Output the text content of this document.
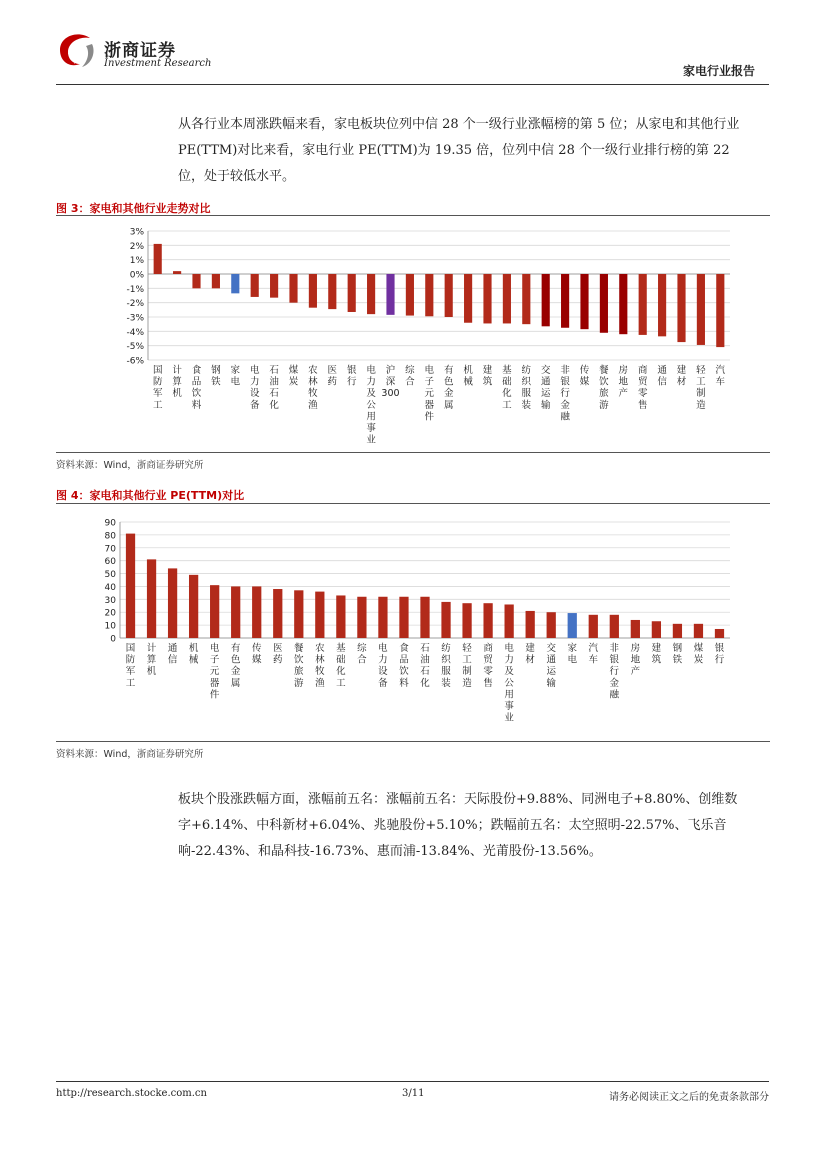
浙商证券
Investment Research
家电行业报告
从各行业本周涨跌幅来看，家电板块位列中信 28 个一级行业涨幅榜的第 5 位；从家电和其他行业 PE(TTM)对比来看，家电行业 PE(TTM)为 19.35 倍，位列中信 28 个一级行业排行榜的第 22 位，处于较低水平。
图 3：家电和其他行业走势对比
3%
2%
1%
0%
-1%
-2%
-3%
-4%
-5%
-6%
国防军工
计算机
食品饮料
钢铁
家电
电力设备
石油石化
煤炭
农林牧渔
医药
银行
电力及公用事业
沪深 300
综合
电子元器件
有色金属
机械
建筑
基础化工
纺织服装
交通运输
非银行金融
传媒
餐饮旅游
房地产
商贸零售
通信
建材
轻工制造
汽车
资料来源：Wind，浙商证券研究所
图 4：家电和其他行业 PE(TTM)对比
90
80
70
60
50
40
30
20
10
0
国防军工
计算机
通信
机械
电子元器件
有色金属
传媒
医药
餐饮旅游
农林牧渔
基础化工
综合
电力设备
食品饮料
石油石化
纺织服装
轻工制造
商贸零售
电力及公用事业
建材
交通运输
家电
汽车
非银行金融
房地产
建筑
钢铁
煤炭
银行
资料来源：Wind，浙商证券研究所
板块个股涨跌幅方面，涨幅前五名：涨幅前五名：天际股份+9.88%、同洲电子+8.80%、创维数字+6.14%、中科新材+6.04%、兆驰股份+5.10%；跌幅前五名：太空照明-22.57%、飞乐音响-22.43%、和晶科技-16.73%、惠而浦-13.84%、光莆股份-13.56%。
http://research.stocke.com.cn	3/11	请务必阅读正文之后的免责条款部分
